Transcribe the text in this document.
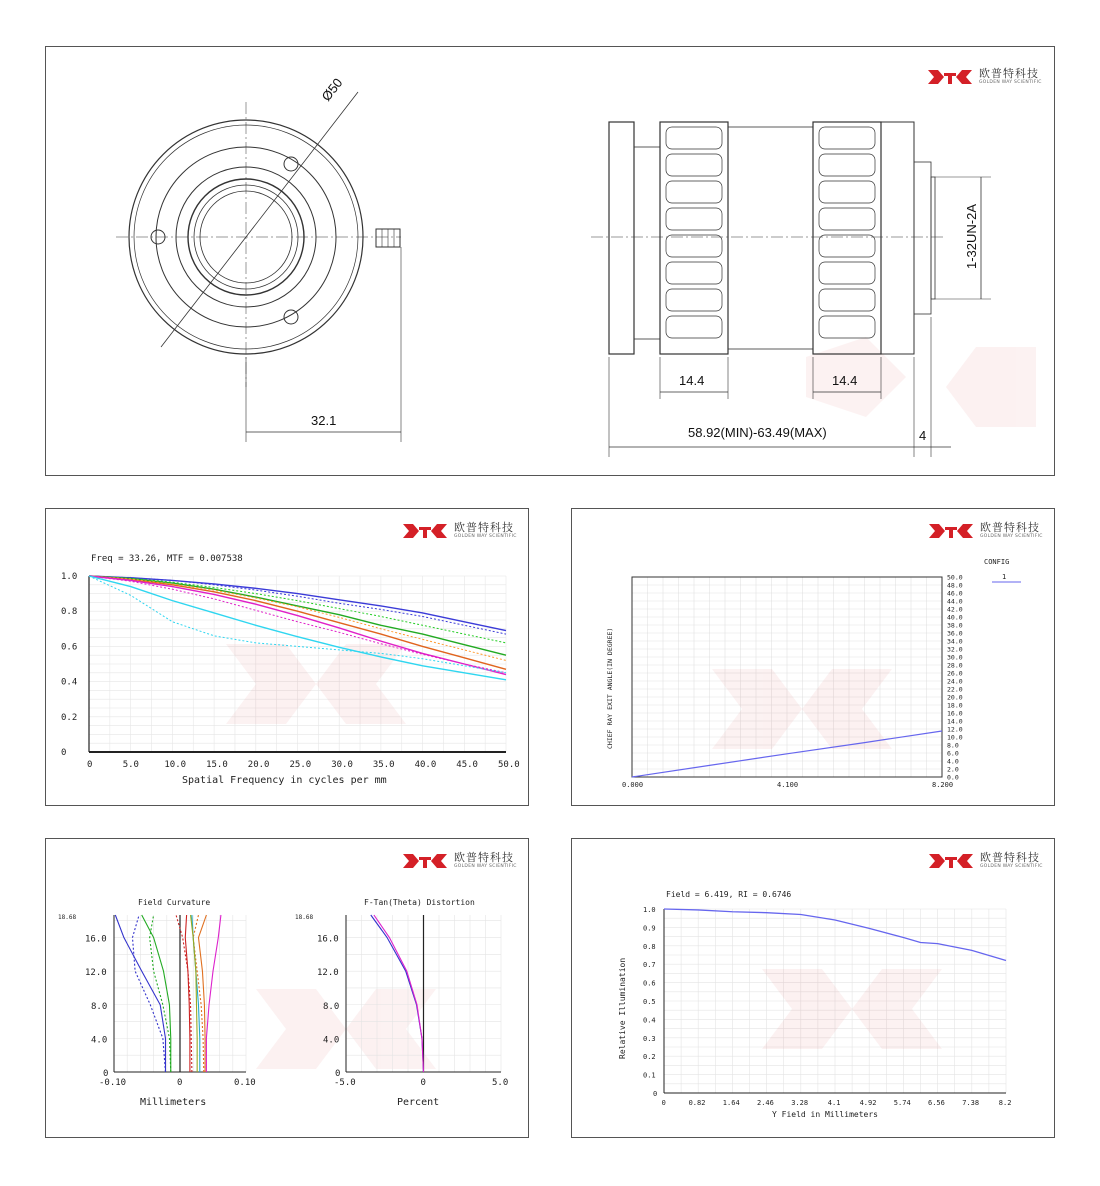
欧普特科技
GOLDEN WAY SCIENTIFIC
Ø50
32.1
1-32UN-2A
14.4	14.4
58.92(MIN)-63.49(MAX)	4
欧普特科技
GOLDEN WAY SCIENTIFIC
Freq = 33.26, MTF = 0.007538
Spatial Frequency in cycles per mm
0
0.2
0.4
0.6
0.8
1.0
0	5.0	10.0 15.0 20.0 25.0 30.0 35.0 40.0 45.0 50.0
欧普特科技
GOLDEN WAY SCIENTIFIC
CHIEF RAY EXIT ANGLE(IN DEGREE)
CONFIG
1
0.0
2.0
4.0
6.0
8.0
10.0
12.0
14.0
16.0
18.0
20.0
22.0
24.0
26.0
28.0
30.0
32.0
34.0
36.0
38.0
40.0
42.0
44.0
46.0
48.0
50.0
0.000	4.100	8.200
欧普特科技
GOLDEN WAY SCIENTIFIC
Field Curvature
Millimeters
18.68
F-Tan(Theta) Distortion
Percent
18.68
0
4.0
8.0
12.0
16.0
-0.10	0	0.10
0
4.0
8.0
12.0
16.0
-5.0	0	5.0
欧普特科技
GOLDEN WAY SCIENTIFIC
Field = 6.419, RI = 0.6746
Y Field in Millimeters
Relative Illumination
0
0.1
0.2
0.3
0.4
0.5
0.6
0.7
0.8
0.9
1.0
0	0.82 1.64 2.46 3.28	4.1	4.92 5.74 6.56 7.38	8.2
